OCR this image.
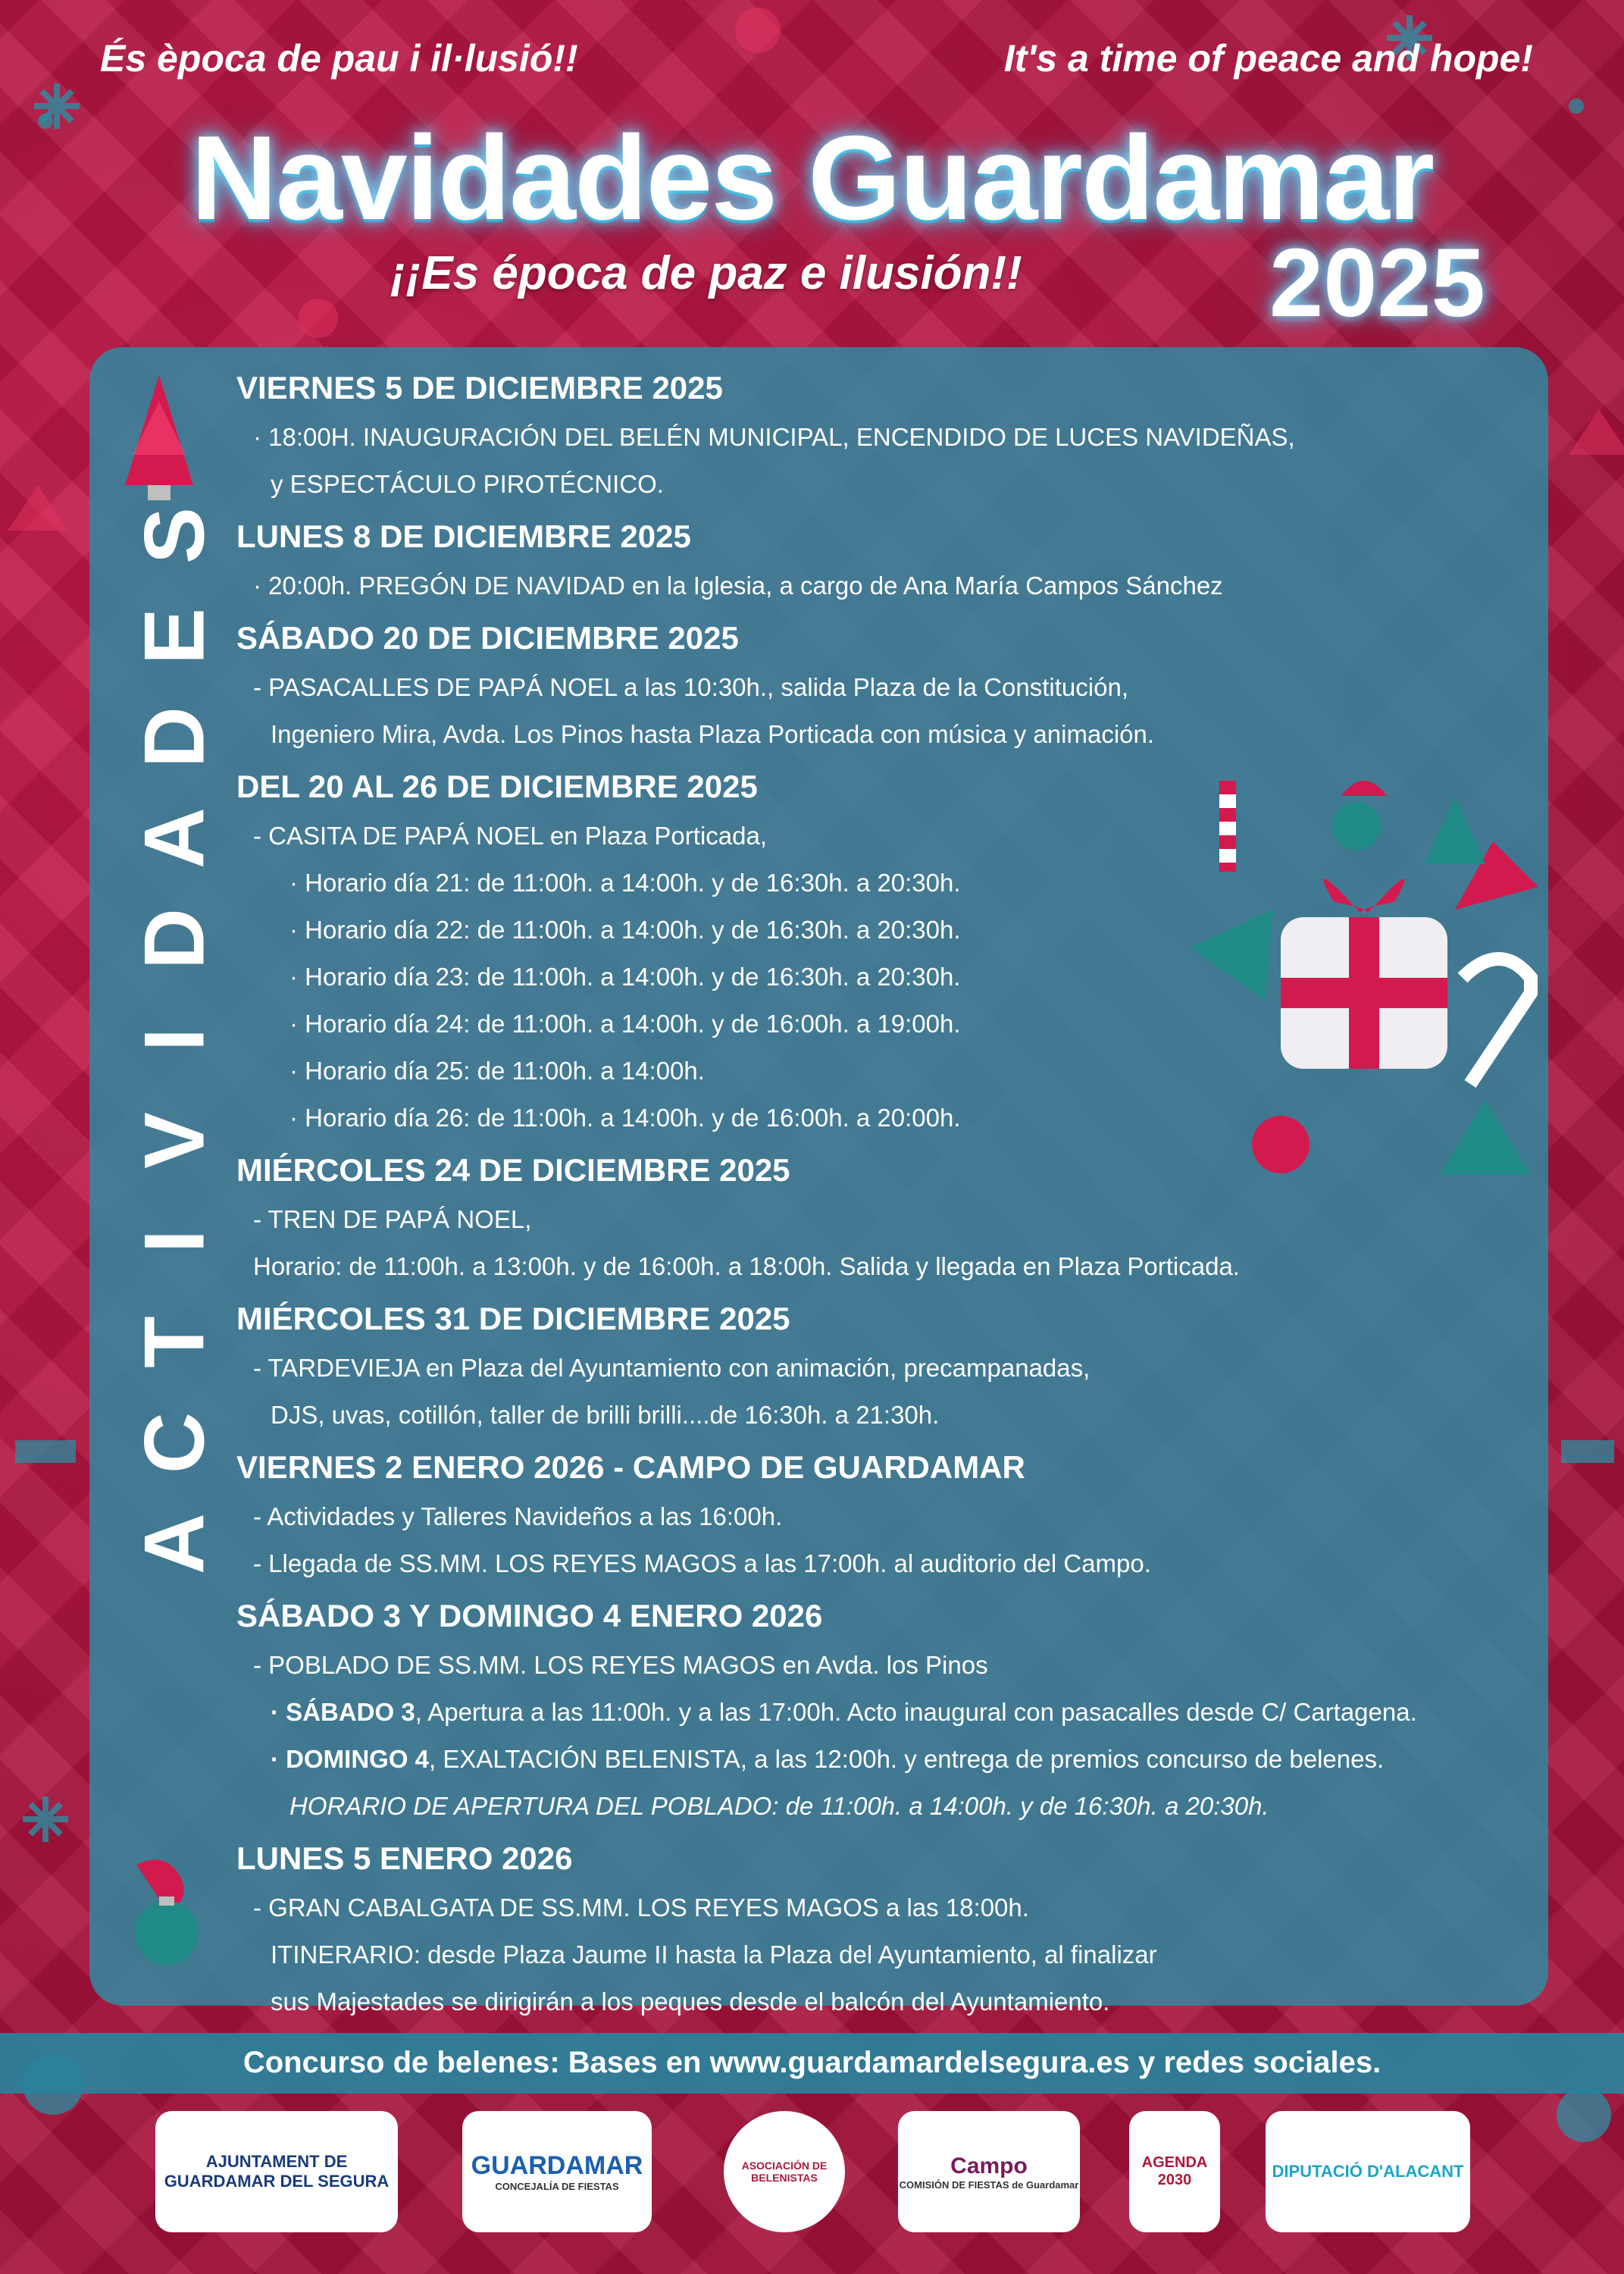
És època de pau i il·lusió!!	It's a time of peace and hope!
Navidades Guardamar
¡¡Es época de paz e ilusión!!	2025
S
E
D
A
D
I
V
I
T
C
A
VIERNES 5 DE DICIEMBRE 2025
· 18:00H. INAUGURACIÓN DEL BELÉN MUNICIPAL, ENCENDIDO DE LUCES NAVIDEÑAS,
y ESPECTÁCULO PIROTÉCNICO.
LUNES 8 DE DICIEMBRE 2025
· 20:00h. PREGÓN DE NAVIDAD en la Iglesia, a cargo de Ana María Campos Sánchez
SÁBADO 20 DE DICIEMBRE 2025
- PASACALLES DE PAPÁ NOEL a las 10:30h., salida Plaza de la Constitución,
Ingeniero Mira, Avda. Los Pinos hasta Plaza Porticada con música y animación.
DEL 20 AL 26 DE DICIEMBRE 2025
- CASITA DE PAPÁ NOEL en Plaza Porticada,
· Horario día 21: de 11:00h. a 14:00h. y de 16:30h. a 20:30h.
· Horario día 22: de 11:00h. a 14:00h. y de 16:30h. a 20:30h.
· Horario día 23: de 11:00h. a 14:00h. y de 16:30h. a 20:30h.
· Horario día 24: de 11:00h. a 14:00h. y de 16:00h. a 19:00h.
· Horario día 25: de 11:00h. a 14:00h.
· Horario día 26: de 11:00h. a 14:00h. y de 16:00h. a 20:00h.
MIÉRCOLES 24 DE DICIEMBRE 2025
- TREN DE PAPÁ NOEL,
Horario: de 11:00h. a 13:00h. y de 16:00h. a 18:00h. Salida y llegada en Plaza Porticada.
MIÉRCOLES 31 DE DICIEMBRE 2025
- TARDEVIEJA en Plaza del Ayuntamiento con animación, precampanadas,
DJS, uvas, cotillón, taller de brilli brilli....de 16:30h. a 21:30h.
VIERNES 2 ENERO 2026 - CAMPO DE GUARDAMAR
- Actividades y Talleres Navideños a las 16:00h.
- Llegada de SS.MM. LOS REYES MAGOS a las 17:00h. al auditorio del Campo.
SÁBADO 3 Y DOMINGO 4 ENERO 2026
- POBLADO DE SS.MM. LOS REYES MAGOS en Avda. los Pinos
· SÁBADO 3, Apertura a las 11:00h. y a las 17:00h. Acto inaugural con pasacalles desde C/ Cartagena.
· DOMINGO 4, EXALTACIÓN BELENISTA, a las 12:00h. y entrega de premios concurso de belenes.
HORARIO DE APERTURA DEL POBLADO: de 11:00h. a 14:00h. y de 16:30h. a 20:30h.
LUNES 5 ENERO 2026
- GRAN CABALGATA DE SS.MM. LOS REYES MAGOS a las 18:00h.
ITINERARIO: desde Plaza Jaume II hasta la Plaza del Ayuntamiento, al finalizar
sus Majestades se dirigirán a los peques desde el balcón del Ayuntamiento.
Concurso de belenes: Bases en www.guardamardelsegura.es y redes sociales.
AJUNTAMENT DE GUARDAMAR DEL SEGURA
GUARDAMAR
CONCEJALÍA DE FIESTAS
ASOCIACIÓN DE BELENISTAS	Campo
COMISIÓN DE FIESTAS de Guardamar
AGENDA 2030	DIPUTACIÓ D'ALACANT
